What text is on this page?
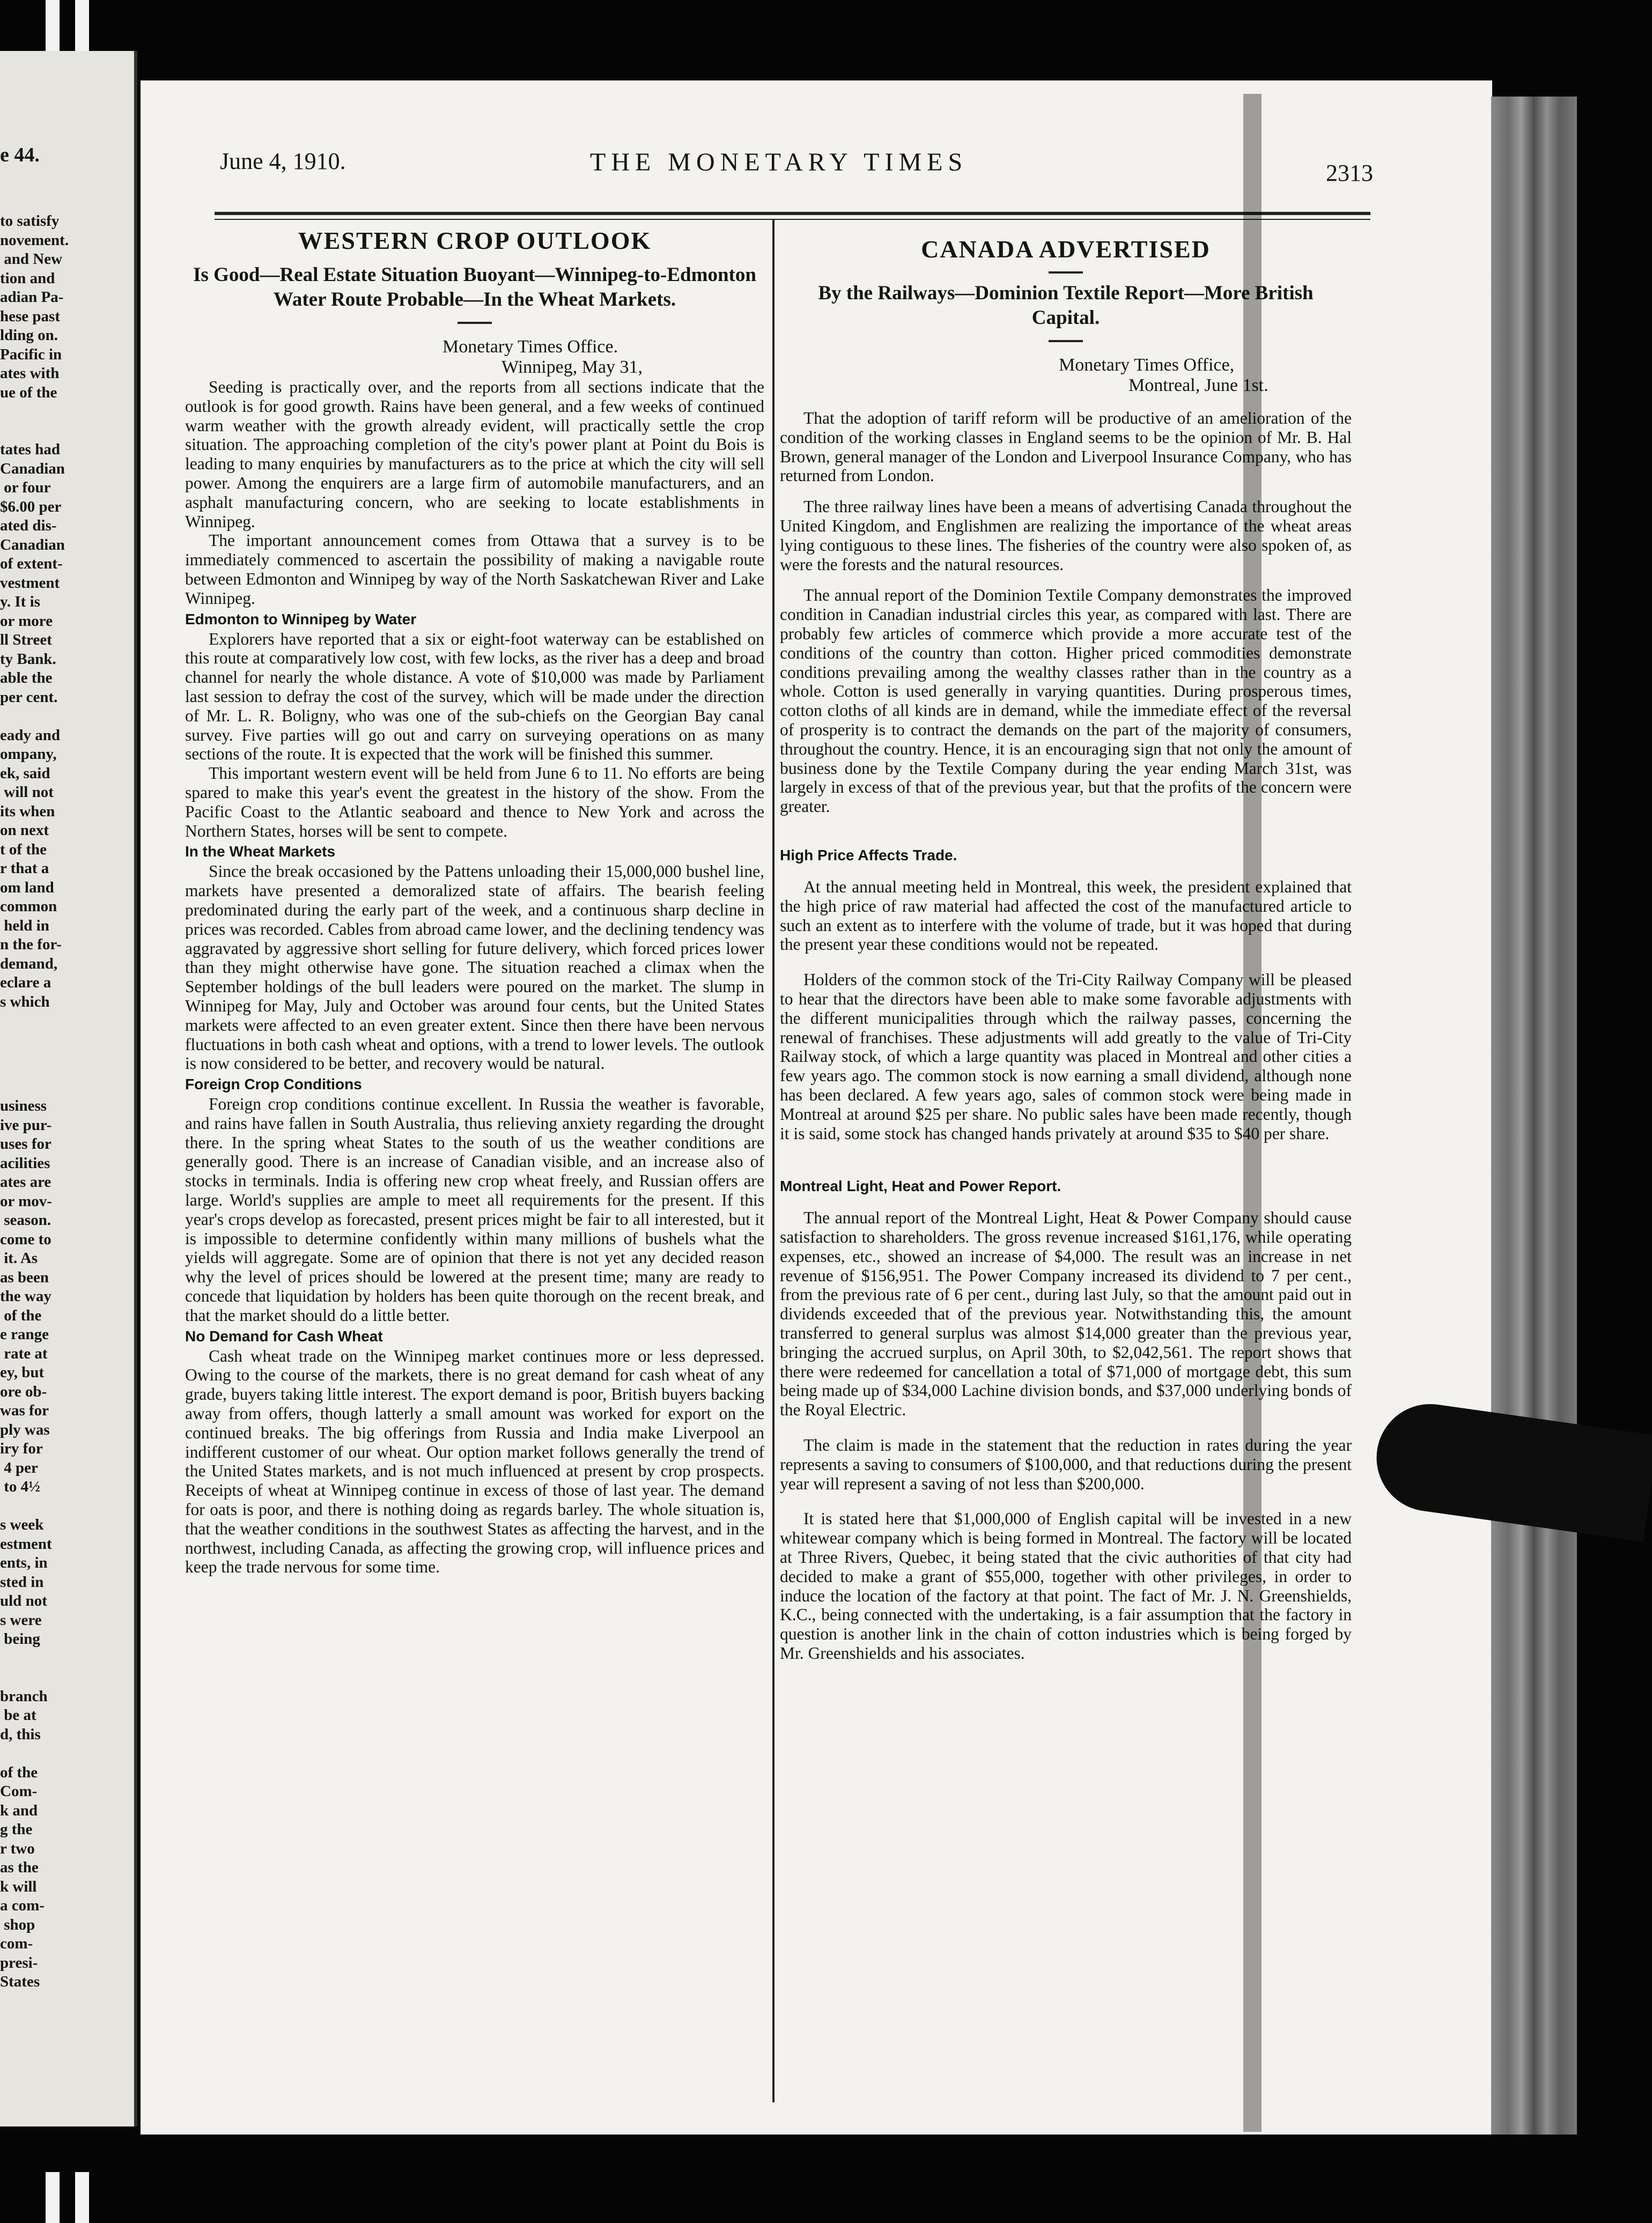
e 44.
to satisfy
novement.
and New
tion and
adian Pa-
hese past
lding on.
Pacific in
ates with
ue of the
tates had
Canadian
or four
$6.00 per
ated dis-
Canadian
of extent-
vestment
y. It is
or more
ll Street
ty Bank.
able the
per cent.
eady and
ompany,
ek, said
will not
its when
on next
t of the
r that a
om land
common
held in
n the for-
demand,
eclare a
s which
usiness
ive pur-
uses for
acilities
ates are
or mov-
season.
come to
it. As
as been
the way
of the
e range
rate at
ey, but
ore ob-
was for
ply was
iry for
4 per
to 4½
s week
estment
ents, in
sted in
uld not
s were
being
branch
be at
d, this
of the
Com-
k and
g the
r two
as the
k will
a com-
shop
com-
presi-
States
June 4, 1910.	THE MONETARY TIMES	2313
WESTERN CROP OUTLOOK
Is Good—Real Estate Situation Buoyant—Winnipeg-to-Edmonton Water Route Probable—In the Wheat Markets.
Monetary Times Office.
Winnipeg, May 31,

Seeding is practically over, and the reports from all sections indicate that the outlook is for good growth. Rains have been general, and a few weeks of continued warm weather with the growth already evident, will practically settle the crop situation. The approaching completion of the city's power plant at Point du Bois is leading to many enquiries by manufacturers as to the price at which the city will sell power. Among the enquirers are a large firm of automobile manufacturers, and an asphalt manufacturing concern, who are seeking to locate establishments in Winnipeg.

The important announcement comes from Ottawa that a survey is to be immediately commenced to ascertain the possibility of making a navigable route between Edmonton and Winnipeg by way of the North Saskatchewan River and Lake Winnipeg.

Edmonton to Winnipeg by Water

Explorers have reported that a six or eight-foot waterway can be established on this route at comparatively low cost, with few locks, as the river has a deep and broad channel for nearly the whole distance. A vote of $10,000 was made by Parliament last session to defray the cost of the survey, which will be made under the direction of Mr. L. R. Boligny, who was one of the sub-chiefs on the Georgian Bay canal survey. Five parties will go out and carry on surveying operations on as many sections of the route. It is expected that the work will be finished this summer.

This important western event will be held from June 6 to 11. No efforts are being spared to make this year's event the greatest in the history of the show. From the Pacific Coast to the Atlantic seaboard and thence to New York and across the Northern States, horses will be sent to compete.

In the Wheat Markets

Since the break occasioned by the Pattens unloading their 15,000,000 bushel line, markets have presented a demoralized state of affairs. The bearish feeling predominated during the early part of the week, and a continuous sharp decline in prices was recorded. Cables from abroad came lower, and the declining tendency was aggravated by aggressive short selling for future delivery, which forced prices lower than they might otherwise have gone. The situation reached a climax when the September holdings of the bull leaders were poured on the market. The slump in Winnipeg for May, July and October was around four cents, but the United States markets were affected to an even greater extent. Since then there have been nervous fluctuations in both cash wheat and options, with a trend to lower levels. The outlook is now considered to be better, and recovery would be natural.

Foreign Crop Conditions

Foreign crop conditions continue excellent. In Russia the weather is favorable, and rains have fallen in South Australia, thus relieving anxiety regarding the drought there. In the spring wheat States to the south of us the weather conditions are generally good. There is an increase of Canadian visible, and an increase also of stocks in terminals. India is offering new crop wheat freely, and Russian offers are large. World's supplies are ample to meet all requirements for the present. If this year's crops develop as forecasted, present prices might be fair to all interested, but it is impossible to determine confidently within many millions of bushels what the yields will aggregate. Some are of opinion that there is not yet any decided reason why the level of prices should be lowered at the present time; many are ready to concede that liquidation by holders has been quite thorough on the recent break, and that the market should do a little better.

No Demand for Cash Wheat

Cash wheat trade on the Winnipeg market continues more or less depressed. Owing to the course of the markets, there is no great demand for cash wheat of any grade, buyers taking little interest. The export demand is poor, British buyers backing away from offers, though latterly a small amount was worked for export on the continued breaks. The big offerings from Russia and India make Liverpool an indifferent customer of our wheat. Our option market follows generally the trend of the United States markets, and is not much influenced at present by crop prospects. Receipts of wheat at Winnipeg continue in excess of those of last year. The demand for oats is poor, and there is nothing doing as regards barley. The whole situation is, that the weather conditions in the southwest States as affecting the harvest, and in the northwest, including Canada, as affecting the growing crop, will influence prices and keep the trade nervous for some time.

CANADA ADVERTISED
By the Railways—Dominion Textile Report—More British Capital.
Monetary Times Office,
Montreal, June 1st.

That the adoption of tariff reform will be productive of an amelioration of the condition of the working classes in England seems to be the opinion of Mr. B. Hal Brown, general manager of the London and Liverpool Insurance Company, who has returned from London.

The three railway lines have been a means of advertising Canada throughout the United Kingdom, and Englishmen are realizing the importance of the wheat areas lying contiguous to these lines. The fisheries of the country were also spoken of, as were the forests and the natural resources.

The annual report of the Dominion Textile Company demonstrates the improved condition in Canadian industrial circles this year, as compared with last. There are probably few articles of commerce which provide a more accurate test of the conditions of the country than cotton. Higher priced commodities demonstrate conditions prevailing among the wealthy classes rather than in the country as a whole. Cotton is used generally in varying quantities. During prosperous times, cotton cloths of all kinds are in demand, while the immediate effect of the reversal of prosperity is to contract the demands on the part of the majority of consumers, throughout the country. Hence, it is an encouraging sign that not only the amount of business done by the Textile Company during the year ending March 31st, was largely in excess of that of the previous year, but that the profits of the concern were greater.

High Price Affects Trade.

At the annual meeting held in Montreal, this week, the president explained that the high price of raw material had affected the cost of the manufactured article to such an extent as to interfere with the volume of trade, but it was hoped that during the present year these conditions would not be repeated.

Holders of the common stock of the Tri-City Railway Company will be pleased to hear that the directors have been able to make some favorable adjustments with the different municipalities through which the railway passes, concerning the renewal of franchises. These adjustments will add greatly to the value of Tri-City Railway stock, of which a large quantity was placed in Montreal and other cities a few years ago. The common stock is now earning a small dividend, although none has been declared. A few years ago, sales of common stock were being made in Montreal at around $25 per share. No public sales have been made recently, though it is said, some stock has changed hands privately at around $35 to $40 per share.

Montreal Light, Heat and Power Report.

The annual report of the Montreal Light, Heat & Power Company should cause satisfaction to shareholders. The gross revenue increased $161,176, while operating expenses, etc., showed an increase of $4,000. The result was an increase in net revenue of $156,951. The Power Company increased its dividend to 7 per cent., from the previous rate of 6 per cent., during last July, so that the amount paid out in dividends exceeded that of the previous year. Notwithstanding this, the amount transferred to general surplus was almost $14,000 greater than the previous year, bringing the accrued surplus, on April 30th, to $2,042,561. The report shows that there were redeemed for cancellation a total of $71,000 of mortgage debt, this sum being made up of $34,000 Lachine division bonds, and $37,000 underlying bonds of the Royal Electric.

The claim is made in the statement that the reduction in rates during the year represents a saving to consumers of $100,000, and that reductions during the present year will represent a saving of not less than $200,000.

It is stated here that $1,000,000 of English capital will be invested in a new whitewear company which is being formed in Montreal. The factory will be located at Three Rivers, Quebec, it being stated that the civic authorities of that city had decided to make a grant of $55,000, together with other privileges, in order to induce the location of the factory at that point. The fact of Mr. J. N. Greenshields, K.C., being connected with the undertaking, is a fair assumption that the factory in question is another link in the chain of cotton industries which is being forged by Mr. Greenshields and his associates.
